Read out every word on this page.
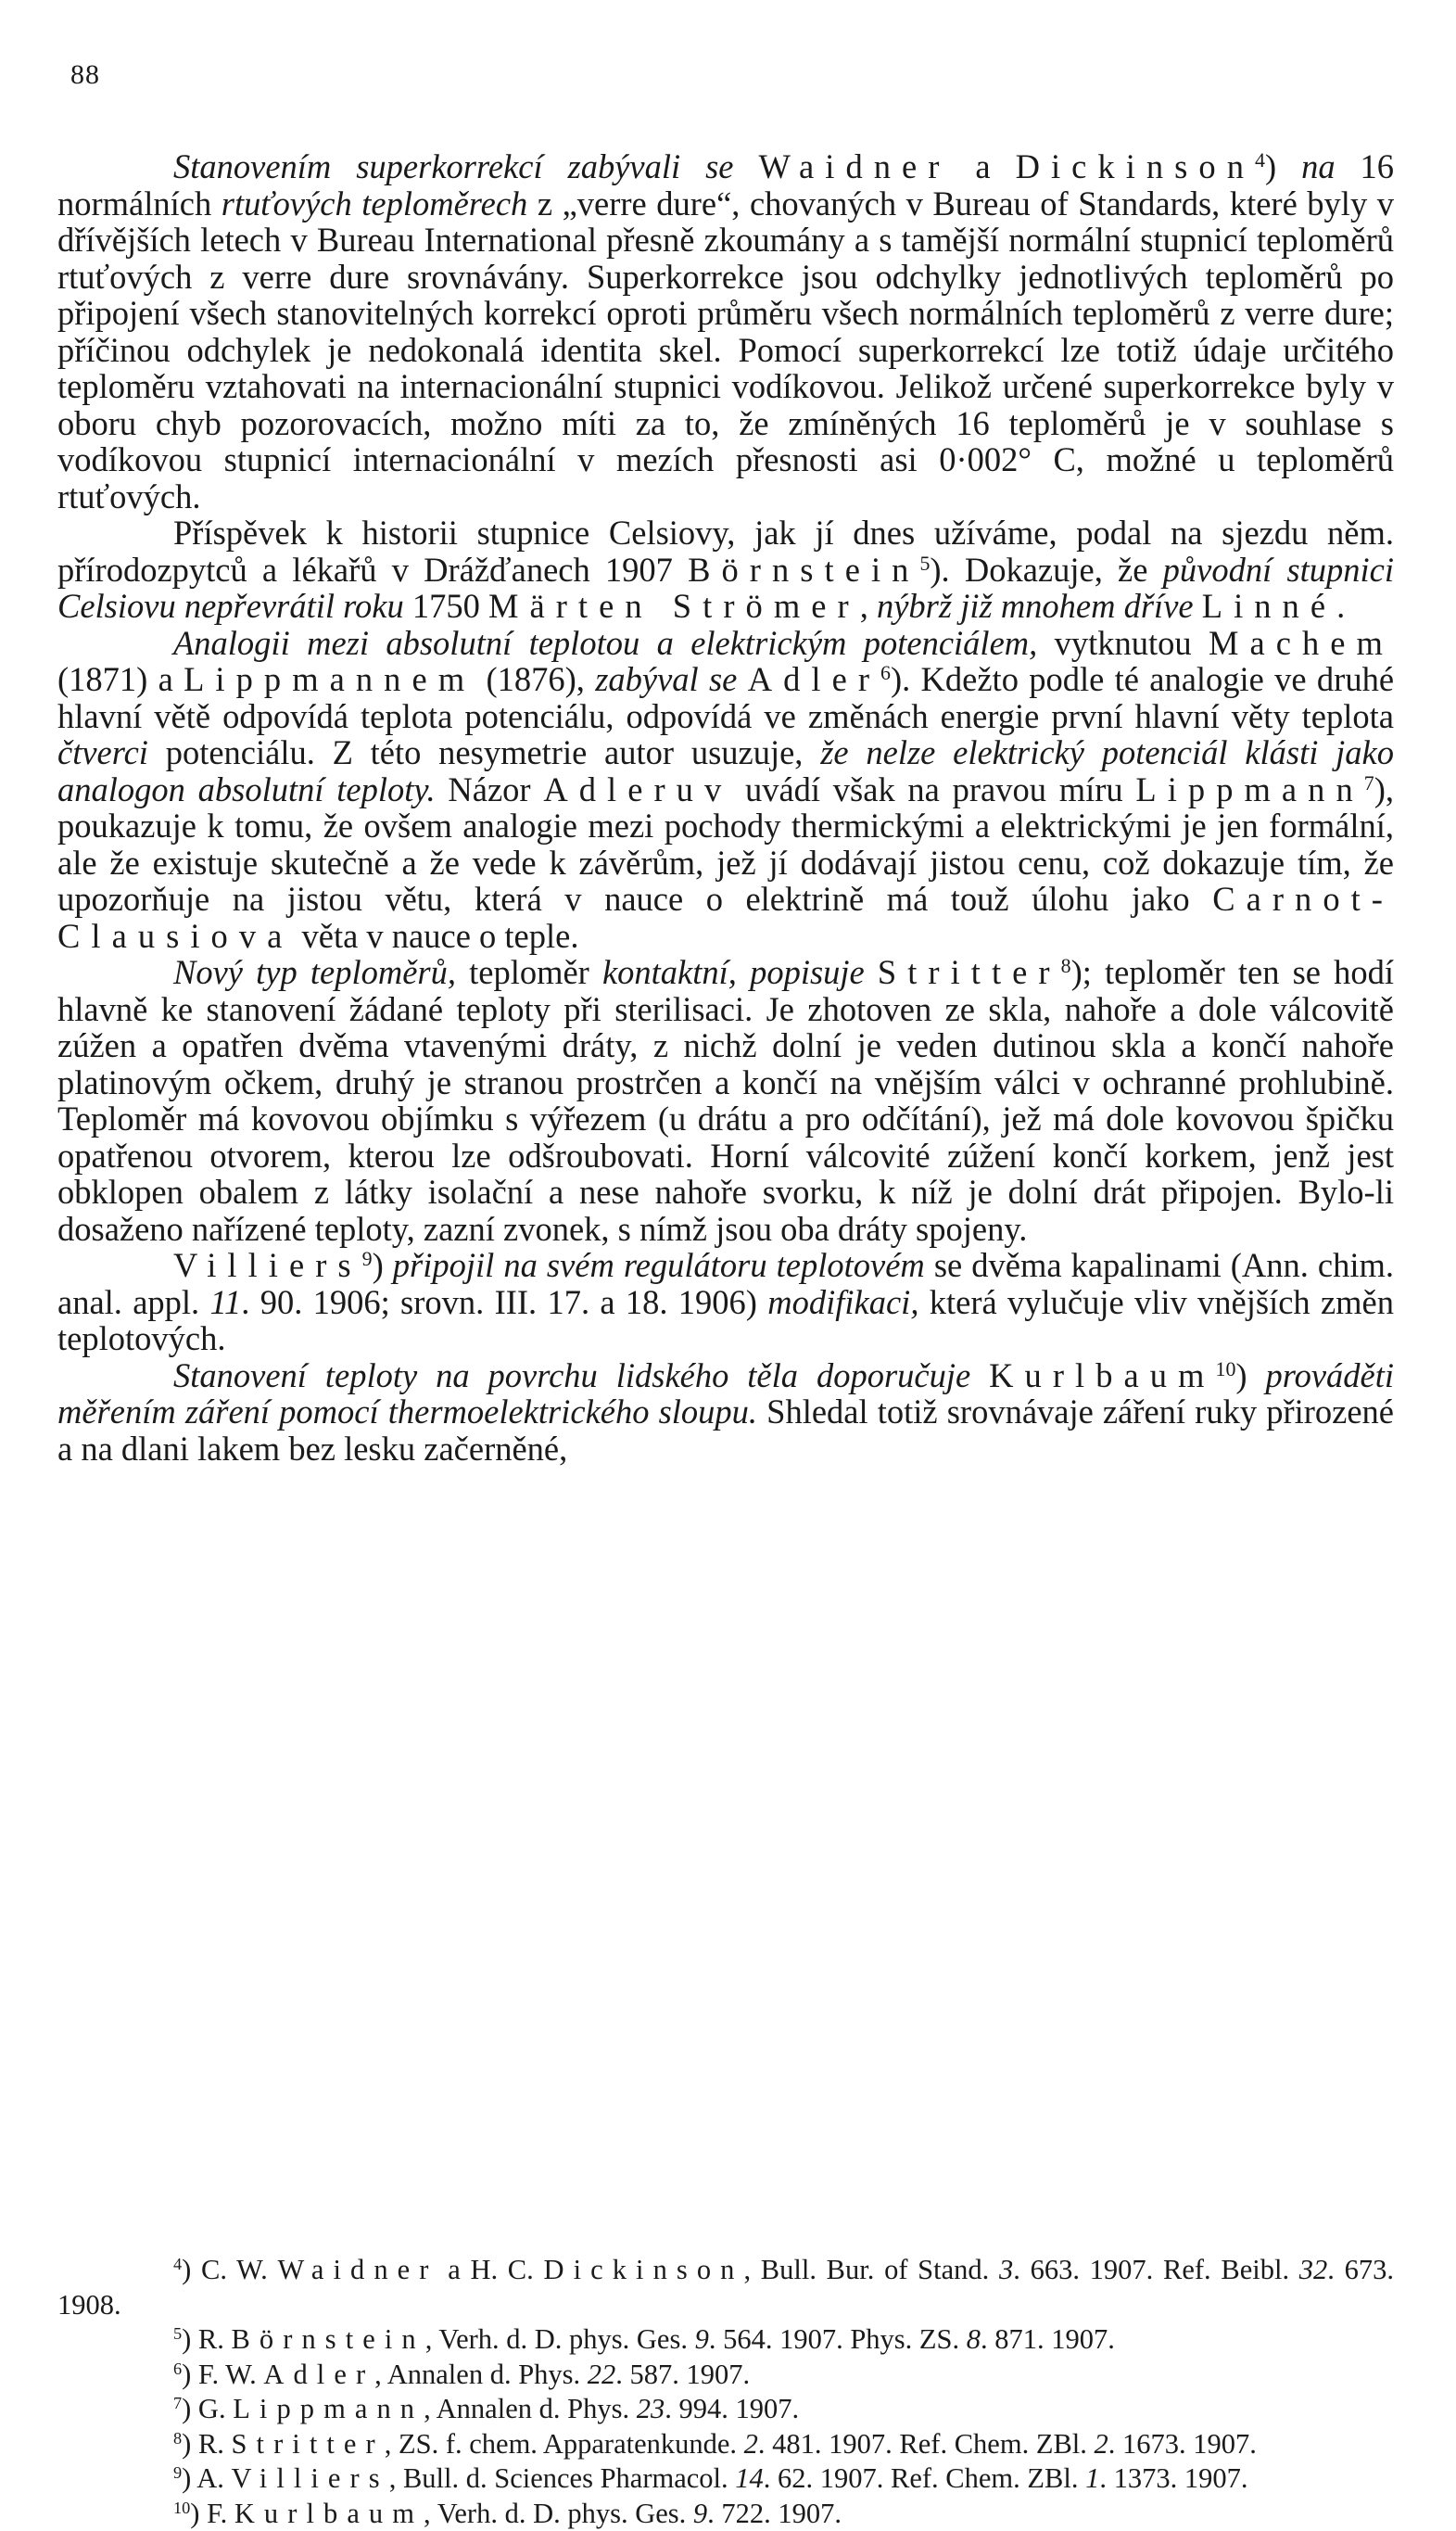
88

Stanovením superkorrekcí zabývali se Waidner a Dickinson$^4$) na 16 normálních rtuťových teploměrech z „verre dure“, chovaných v Bureau of Standards, které byly v dřívějších letech v Bureau International přesně zkoumány a s tamější normální stupnicí teploměrů rtuťových z verre dure srovnávány. Superkorrekce jsou odchylky jednotlivých teploměrů po připojení všech stanovitelných korrekcí oproti průměru všech normálních teploměrů z verre dure; příčinou odchylek je nedokonalá identita skel. Pomocí superkorrekcí lze totiž údaje určitého teploměru vztahovati na internacionální stupnici vodíkovou. Jelikož určené superkorrekce byly v oboru chyb pozorovacích, možno míti za to, že zmíněných 16 teploměrů je v souhlase s vodíkovou stupnicí internacionální v mezích přesnosti asi 0·002° C, možné u teploměrů rtuťových.

Příspěvek k historii stupnice Celsiovy, jak jí dnes užíváme, podal na sjezdu něm. přírodozpytců a lékařů v Drážďanech 1907 Börnstein$^5$). Dokazuje, že původní stupnici Celsiovu nepřevrátil roku 1750 Märten Strömer, nýbrž již mnohem dříve Linné.

Analogii mezi absolutní teplotou a elektrickým potenciálem, vytknutou Machem (1871) a Lippmannem (1876), zabýval se Adler$^6$). Kdežto podle té analogie ve druhé hlavní větě odpovídá teplota potenciálu, odpovídá ve změnách energie první hlavní věty teplota čtverci potenciálu. Z této nesymetrie autor usuzuje, že nelze elektrický potenciál klásti jako analogon absolutní teploty. Názor Adleruv uvádí však na pravou míru Lippmann$^7$), poukazuje k tomu, že ovšem analogie mezi pochody thermickými a elektrickými je jen formální, ale že existuje skutečně a že vede k závěrům, jež jí dodávají jistou cenu, což dokazuje tím, že upozorňuje na jistou větu, která v nauce o elektrině má touž úlohu jako Carnot-Clausiova věta v nauce o teple.

Nový typ teploměrů, teploměr kontaktní, popisuje Stritter$^8$); teploměr ten se hodí hlavně ke stanovení žádané teploty při sterilisaci. Je zhotoven ze skla, nahoře a dole válcovitě zúžen a opatřen dvěma vtavenými dráty, z nichž dolní je veden dutinou skla a končí nahoře platinovým očkem, druhý je stranou prostrčen a končí na vnějším válci v ochranné prohlubině. Teploměr má kovovou objímku s výřezem (u drátu a pro odčítání), jež má dole kovovou špičku opatřenou otvorem, kterou lze odšroubovati. Horní válcovité zúžení končí korkem, jenž jest obklopen obalem z látky isolační a nese nahoře svorku, k níž je dolní drát připojen. Bylo-li dosaženo nařízené teploty, zazní zvonek, s nímž jsou oba dráty spojeny.

Villiers$^9$) připojil na svém regulátoru teplotovém se dvěma kapalinami (Ann. chim. anal. appl. 11. 90. 1906; srovn. III. 17. a 18. 1906) modifikaci, která vylučuje vliv vnějších změn teplotových.

Stanovení teploty na povrchu lidského těla doporučuje Kurlbaum$^{10}$) prováděti měřením záření pomocí thermoelektrického sloupu. Shledal totiž srovnávaje záření ruky přirozené a na dlani lakem bez lesku začerněné,

$^4$) C. W. Waidner a H. C. Dickinson, Bull. Bur. of Stand. 3. 663. 1907. Ref. Beibl. 32. 673. 1908.
$^5$) R. Börnstein, Verh. d. D. phys. Ges. 9. 564. 1907. Phys. ZS. 8. 871. 1907.
$^6$) F. W. Adler, Annalen d. Phys. 22. 587. 1907.
$^7$) G. Lippmann, Annalen d. Phys. 23. 994. 1907.
$^8$) R. Stritter, ZS. f. chem. Apparatenkunde. 2. 481. 1907. Ref. Chem. ZBl. 2. 1673. 1907.
$^9$) A. Villiers, Bull. d. Sciences Pharmacol. 14. 62. 1907. Ref. Chem. ZBl. 1. 1373. 1907.
$^{10}$) F. Kurlbaum, Verh. d. D. phys. Ges. 9. 722. 1907.
